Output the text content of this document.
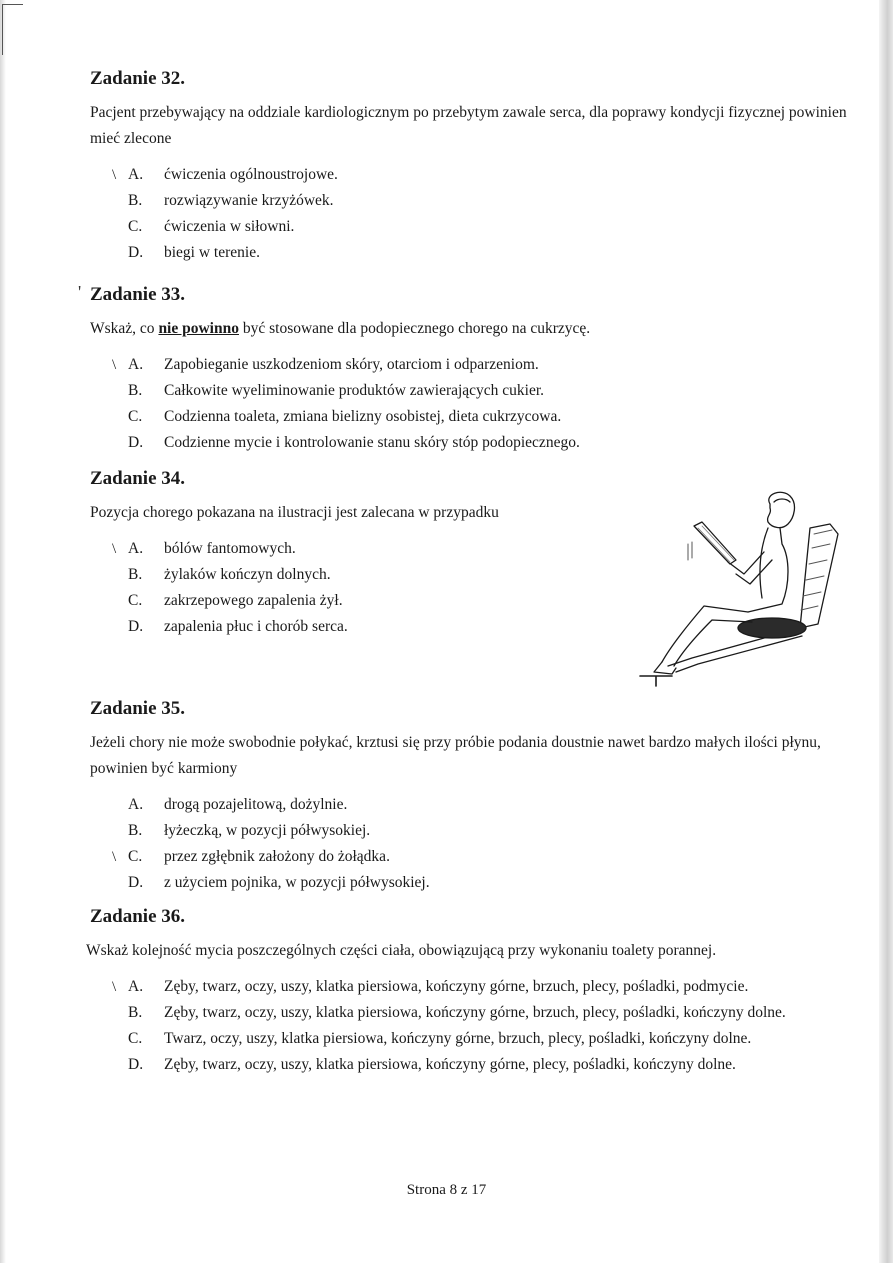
Zadanie 32.

Pacjent przebywający na oddziale kardiologicznym po przebytym zawale serca, dla poprawy kondycji fizycznej powinien mieć zlecone

\ A.	ćwiczenia ogólnoustrojowe.
B.	rozwiązywanie krzyżówek.
C.	ćwiczenia w siłowni.
D.	biegi w terenie.
' Zadanie 33.

Wskaż, co nie powinno być stosowane dla podopiecznego chorego na cukrzycę.

\ A.	Zapobieganie uszkodzeniom skóry, otarciom i odparzeniom.
B.	Całkowite wyeliminowanie produktów zawierających cukier.
C.	Codzienna toaleta, zmiana bielizny osobistej, dieta cukrzycowa.
D.	Codzienne mycie i kontrolowanie stanu skóry stóp podopiecznego.
Zadanie 34.

Pozycja chorego pokazana na ilustracji jest zalecana w przypadku

\ A.	bólów fantomowych.
B.	żylaków kończyn dolnych.
C.	zakrzepowego zapalenia żył.
D.	zapalenia płuc i chorób serca.
Zadanie 35.

Jeżeli chory nie może swobodnie połykać, krztusi się przy próbie podania doustnie nawet bardzo małych ilości płynu, powinien być karmiony

A.	drogą pozajelitową, dożylnie.
B.	łyżeczką, w pozycji półwysokiej.
\ C.	przez zgłębnik założony do żołądka.
D.	z użyciem pojnika, w pozycji półwysokiej.
Zadanie 36.

Wskaż kolejność mycia poszczególnych części ciała, obowiązującą przy wykonaniu toalety porannej.

\ A.	Zęby, twarz, oczy, uszy, klatka piersiowa, kończyny górne, brzuch, plecy, pośladki, podmycie.
B.	Zęby, twarz, oczy, uszy, klatka piersiowa, kończyny górne, brzuch, plecy, pośladki, kończyny dolne.
C.	Twarz, oczy, uszy, klatka piersiowa, kończyny górne, brzuch, plecy, pośladki, kończyny dolne.
D.	Zęby, twarz, oczy, uszy, klatka piersiowa, kończyny górne, plecy, pośladki, kończyny dolne.
Strona 8 z 17
